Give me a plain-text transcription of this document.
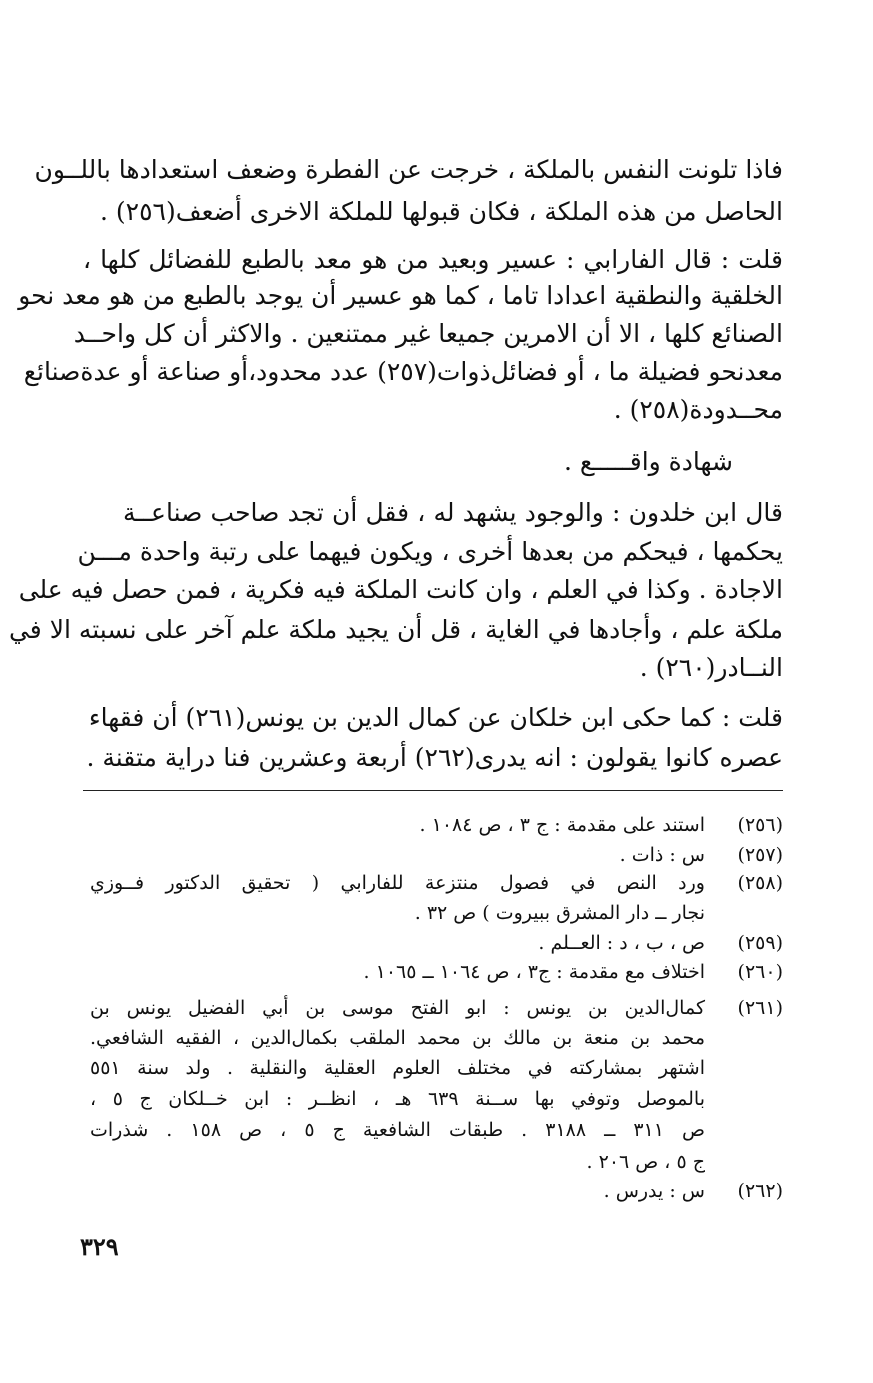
فاذا تلونت النفس بالملكة ، خرجت عن الفطرة وضعف استعدادها باللــون
الحاصل من هذه الملكة ، فكان قبولها للملكة الاخرى أضعف(٢٥٦) .
قلت : قال الفارابي : عسير وبعيد من هو معد بالطبع للفضائل كلها ،
الخلقية والنطقية اعدادا تاما ، كما هو عسير أن يوجد بالطبع من هو معد نحو
الصنائع كلها ، الا أن الامرين جميعا غير ممتنعين . والاكثر أن كل واحــد
معدنحو فضيلة ما ، أو فضائل‌ذوات(٢٥٧) عدد محدود،أو صناعة أو عدةصنائع
محــدودة(٢٥٨) .
شهادة واقـــــع .
قال ابن خلدون : والوجود يشهد له ، فقل أن تجد صاحب صناعــة
يحكمها ، فيحكم من بعدها أخرى ، ويكون فيهما على رتبة واحدة مـــن
الاجادة . وكذا في العلم ، وان كانت الملكة فيه فكرية ، فمن حصل فيه على
ملكة علم ، وأجادها في الغاية ، قل أن يجيد ملكة علم آخر على نسبته الا في
النــادر(٢٦٠) .
قلت : كما حكى ابن خلكان عن كمال الدين بن يونس(٢٦١) أن فقهاء
عصره كانوا يقولون : انه يدرى(٢٦٢) أربعة وعشرين فنا دراية متقنة .
(٢٥٦)
استند على مقدمة : ج ٣ ، ص ١٠٨٤ .
(٢٥٧)
س : ذات .
(٢٥٨)
ورد النص في فصول منتزعة للفارابي ( تحقيق الدكتور فــوزي
نجار ــ دار المشرق ببيروت ) ص ٣٢ .
(٢٥٩)
ص ، ب ، د : العــلم .
(٢٦٠)
اختلاف مع مقدمة : ج٣ ، ص ١٠٦٤ ــ ١٠٦٥ .
(٢٦١)
كمال‌الدين بن يونس : ابو الفتح موسى بن أبي الفضيل يونس بن
محمد بن منعة بن مالك بن محمد الملقب بكمال‌الدين ، الفقيه الشافعي.
اشتهر بمشاركته في مختلف العلوم العقلية والنقلية . ولد سنة ٥٥١
بالموصل وتوفي بها ســنة ٦٣٩ هـ ، انظــر : ابن خــلكان ج ٥ ،
ص ٣١١ ــ ٣١٨٨ . طبقات الشافعية ج ٥ ، ص ١٥٨ . شذرات
ج ٥ ، ص ٢٠٦ .
(٢٦٢)
س : يدرس .
٣٢٩
